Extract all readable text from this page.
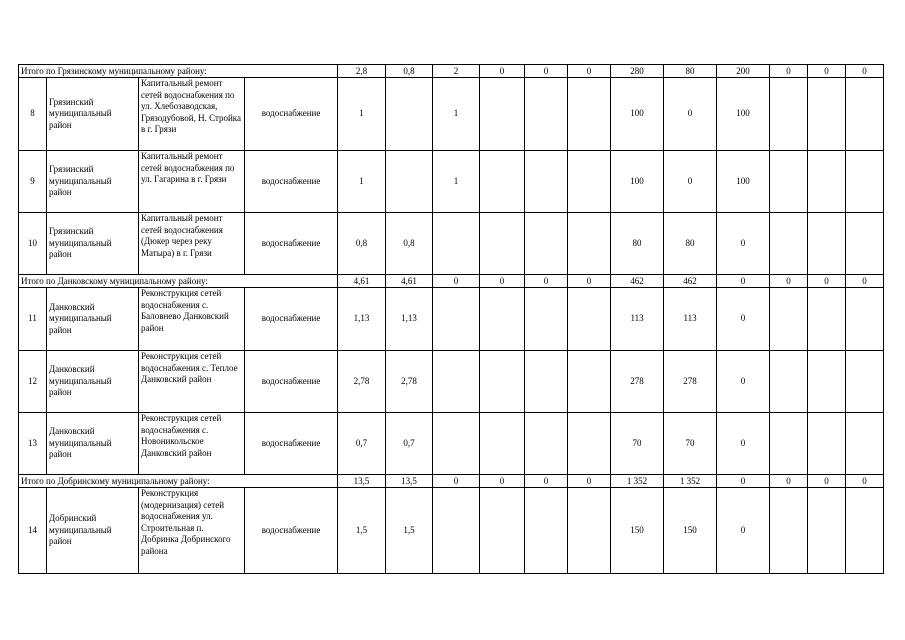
Итого по Грязинскому муниципальному району:				2,8	0,8	2	0	0	0	280	80	200	0	0	0
8	Грязинский муниципальный район	Капитальный ремонт сетей водоснабжения по ул. Хлебозаводская, Грязодубовой, Н. Стройка в г. Грязи	водоснабжение	1		1				100	0	100			
9	Грязинский муниципальный район	Капитальный ремонт сетей водоснабжения по ул. Гагарина в г. Грязи	водоснабжение	1		1				100	0	100			
10	Грязинский муниципальный район	Капитальный ремонт сетей водоснабжения (Дюкер через реку Матыра) в г. Грязи	водоснабжение	0,8	0,8					80	80	0			
Итого по Данковскому муниципальному району:				4,61	4,61	0	0	0	0	462	462	0	0	0	0
11	Данковский муниципальный район	Реконструкция сетей водоснабжения с. Баловнево Данковский район	водоснабжение	1,13	1,13					113	113	0			
12	Данковский муниципальный район	Реконструкция сетей водоснабжения с. Теплое Данковский район	водоснабжение	2,78	2,78					278	278	0			
13	Данковский муниципальный район	Реконструкция сетей водоснабжения с. Новоникольское Данковский район	водоснабжение	0,7	0,7					70	70	0			
Итого по Добринскому муниципальному району:				13,5	13,5	0	0	0	0	1 352	1 352	0	0	0	0
14	Добринский муниципальный район	Реконструкция (модернизация) сетей водоснабжения ул. Строительная п. Добринка Добринского района	водоснабжение	1,5	1,5					150	150	0			
